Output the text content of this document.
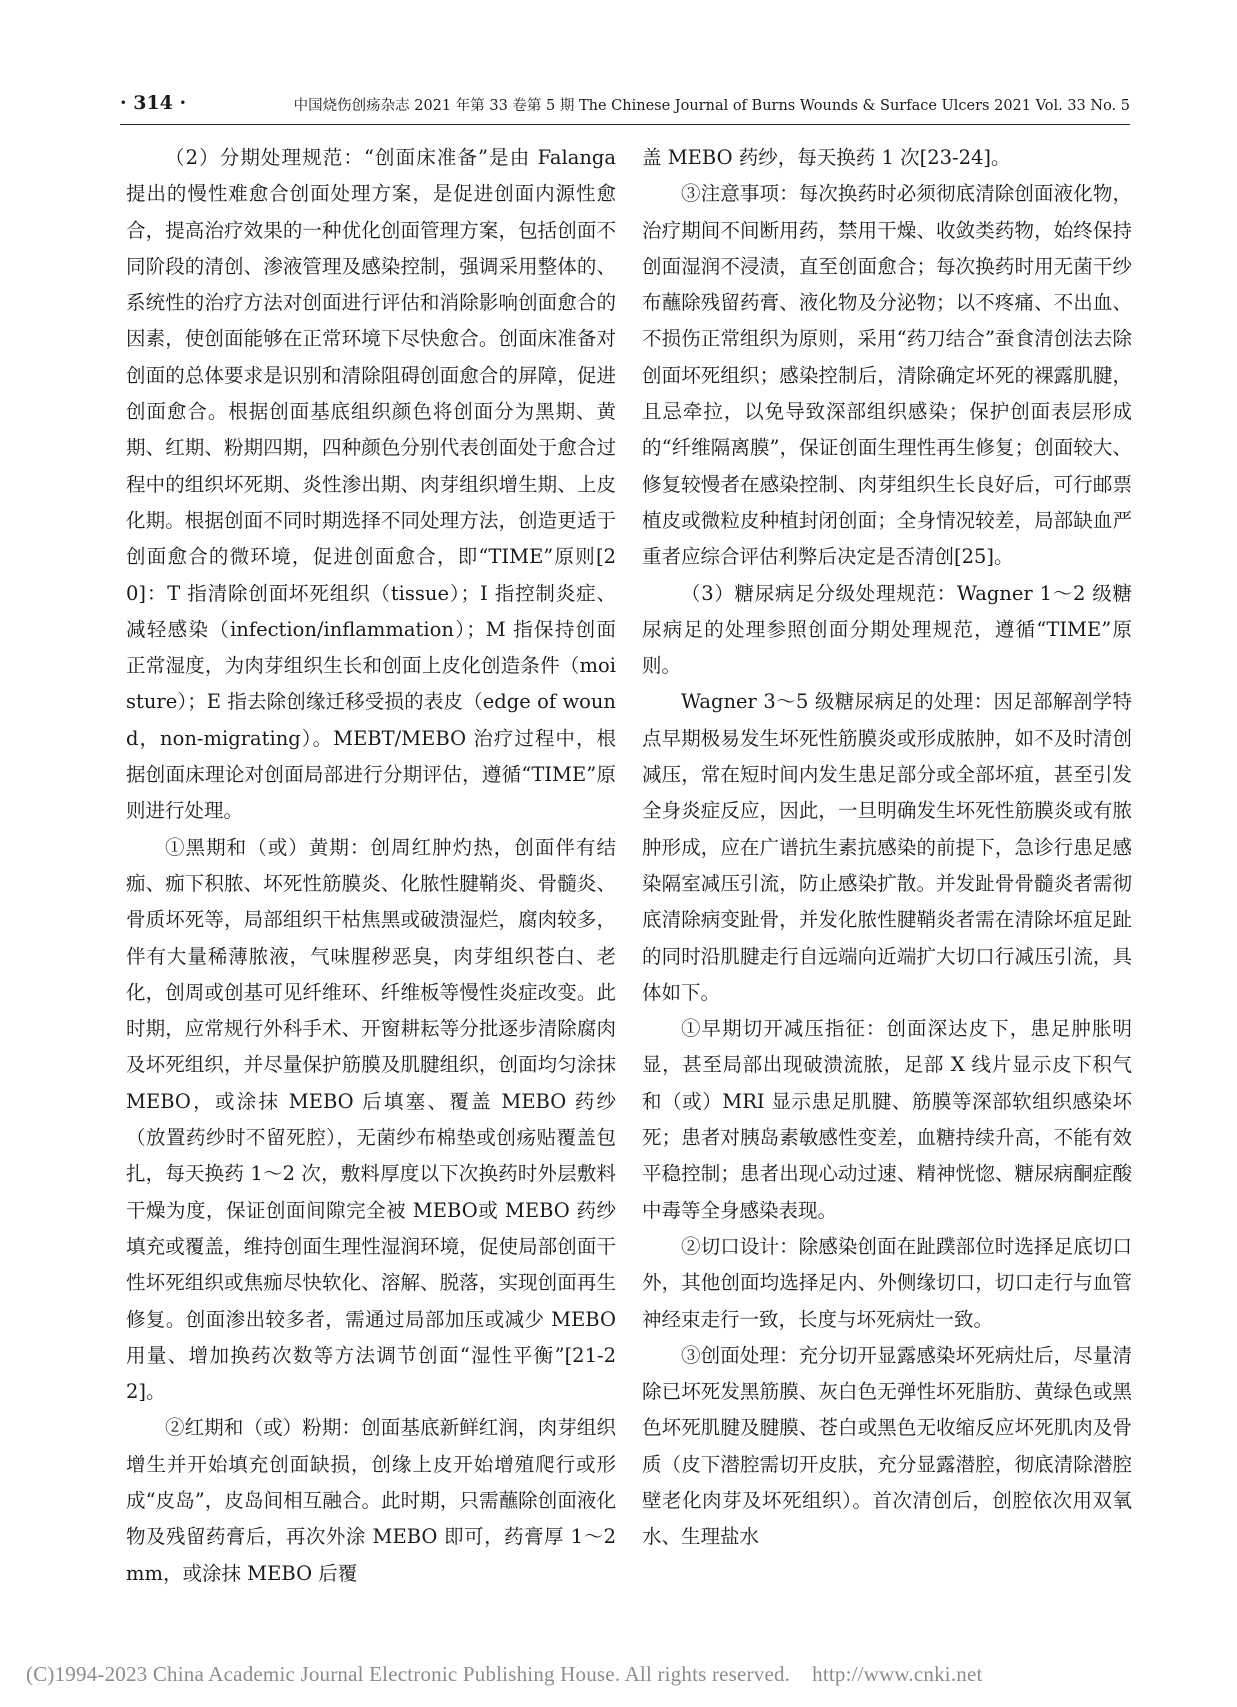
· 314 ·	中国烧伤创疡杂志 2021 年第 33 卷第 5 期 The Chinese Journal of Burns Wounds & Surface Ulcers 2021 Vol. 33 No. 5

（2）分期处理规范：“创面床准备”是由 Falanga 提出的慢性难愈合创面处理方案，是促进创面内源性愈合，提高治疗效果的一种优化创面管理方案，包括创面不同阶段的清创、渗液管理及感染控制，强调采用整体的、系统性的治疗方法对创面进行评估和消除影响创面愈合的因素，使创面能够在正常环境下尽快愈合。创面床准备对创面的总体要求是识别和清除阻碍创面愈合的屏障，促进创面愈合。根据创面基底组织颜色将创面分为黑期、黄期、红期、粉期四期，四种颜色分别代表创面处于愈合过程中的组织坏死期、炎性渗出期、肉芽组织增生期、上皮化期。根据创面不同时期选择不同处理方法，创造更适于创面愈合的微环境，促进创面愈合，即“TIME”原则[20]：T 指清除创面坏死组织（tissue）；I 指控制炎症、减轻感染（infection/inflammation）；M 指保持创面正常湿度，为肉芽组织生长和创面上皮化创造条件（moisture）；E 指去除创缘迁移受损的表皮（edge of wound，non-migrating）。MEBT/MEBO 治疗过程中，根据创面床理论对创面局部进行分期评估，遵循“TIME”原则进行处理。

①黑期和（或）黄期：创周红肿灼热，创面伴有结痂、痂下积脓、坏死性筋膜炎、化脓性腱鞘炎、骨髓炎、骨质坏死等，局部组织干枯焦黑或破溃湿烂，腐肉较多，伴有大量稀薄脓液，气味腥秽恶臭，肉芽组织苍白、老化，创周或创基可见纤维环、纤维板等慢性炎症改变。此时期，应常规行外科手术、开窗耕耘等分批逐步清除腐肉及坏死组织，并尽量保护筋膜及肌腱组织，创面均匀涂抹 MEBO，或涂抹 MEBO 后填塞、覆盖 MEBO 药纱（放置药纱时不留死腔），无菌纱布棉垫或创疡贴覆盖包扎，每天换药 1～2 次，敷料厚度以下次换药时外层敷料干燥为度，保证创面间隙完全被 MEBO或 MEBO 药纱填充或覆盖，维持创面生理性湿润环境，促使局部创面干性坏死组织或焦痂尽快软化、溶解、脱落，实现创面再生修复。创面渗出较多者，需通过局部加压或减少 MEBO 用量、增加换药次数等方法调节创面“湿性平衡”[21-22]。

②红期和（或）粉期：创面基底新鲜红润，肉芽组织增生并开始填充创面缺损，创缘上皮开始增殖爬行或形成“皮岛”，皮岛间相互融合。此时期，只需蘸除创面液化物及残留药膏后，再次外涂 MEBO 即可，药膏厚 1～2 mm，或涂抹 MEBO 后覆

盖 MEBO 药纱，每天换药 1 次[23-24]。

③注意事项：每次换药时必须彻底清除创面液化物，治疗期间不间断用药，禁用干燥、收敛类药物，始终保持创面湿润不浸渍，直至创面愈合；每次换药时用无菌干纱布蘸除残留药膏、液化物及分泌物；以不疼痛、不出血、不损伤正常组织为原则，采用“药刀结合”蚕食清创法去除创面坏死组织；感染控制后，清除确定坏死的裸露肌腱，且忌牵拉，以免导致深部组织感染；保护创面表层形成的“纤维隔离膜”，保证创面生理性再生修复；创面较大、修复较慢者在感染控制、肉芽组织生长良好后，可行邮票植皮或微粒皮种植封闭创面；全身情况较差，局部缺血严重者应综合评估利弊后决定是否清创[25]。

（3）糖尿病足分级处理规范：Wagner 1～2 级糖尿病足的处理参照创面分期处理规范，遵循“TIME”原则。

Wagner 3～5 级糖尿病足的处理：因足部解剖学特点早期极易发生坏死性筋膜炎或形成脓肿，如不及时清创减压，常在短时间内发生患足部分或全部坏疽，甚至引发全身炎症反应，因此，一旦明确发生坏死性筋膜炎或有脓肿形成，应在广谱抗生素抗感染的前提下，急诊行患足感染隔室减压引流，防止感染扩散。并发趾骨骨髓炎者需彻底清除病变趾骨，并发化脓性腱鞘炎者需在清除坏疽足趾的同时沿肌腱走行自远端向近端扩大切口行减压引流，具体如下。

①早期切开减压指征：创面深达皮下，患足肿胀明显，甚至局部出现破溃流脓，足部 X 线片显示皮下积气和（或）MRI 显示患足肌腱、筋膜等深部软组织感染坏死；患者对胰岛素敏感性变差，血糖持续升高，不能有效平稳控制；患者出现心动过速、精神恍惚、糖尿病酮症酸中毒等全身感染表现。

②切口设计：除感染创面在趾蹼部位时选择足底切口外，其他创面均选择足内、外侧缘切口，切口走行与血管神经束走行一致，长度与坏死病灶一致。

③创面处理：充分切开显露感染坏死病灶后，尽量清除已坏死发黑筋膜、灰白色无弹性坏死脂肪、黄绿色或黑色坏死肌腱及腱膜、苍白或黑色无收缩反应坏死肌肉及骨质（皮下潜腔需切开皮肤，充分显露潜腔，彻底清除潜腔壁老化肉芽及坏死组织）。首次清创后，创腔依次用双氧水、生理盐水

(C)1994-2023 China Academic Journal Electronic Publishing House. All rights reserved. http://www.cnki.net
